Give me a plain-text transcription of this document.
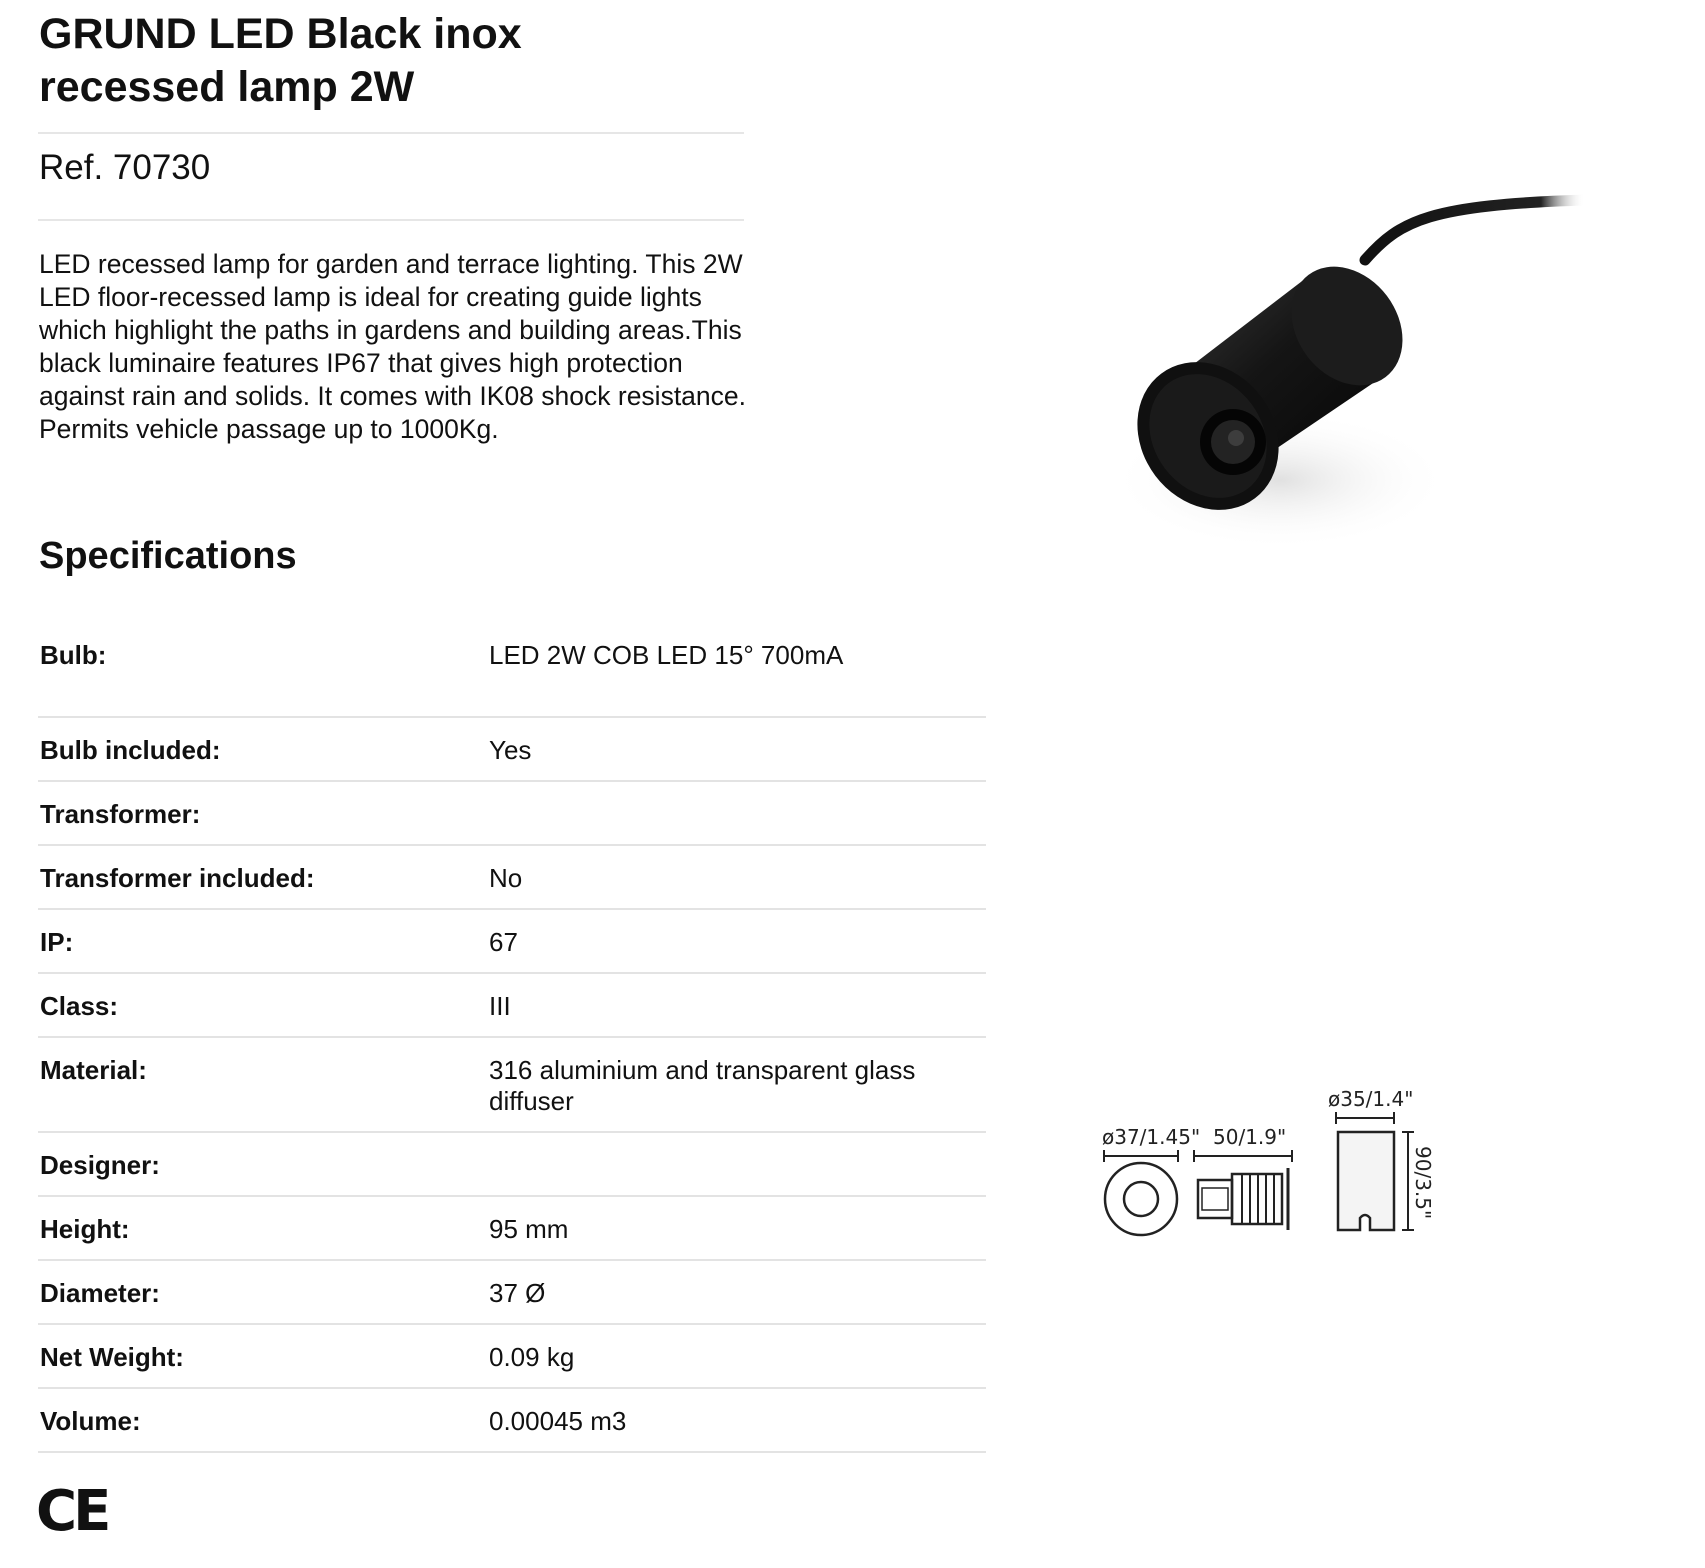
GRUND LED Black inox
recessed lamp 2W
Ref. 70730

LED recessed lamp for garden and terrace lighting. This 2W LED floor-recessed lamp is ideal for creating guide lights which highlight the paths in gardens and building areas.This black luminaire features IP67 that gives high protection against rain and solids. It comes with IK08 shock resistance. Permits vehicle passage up to 1000Kg.

Specifications
Bulb:	LED 2W COB LED 15° 700mA
Bulb included:	Yes
Transformer:
Transformer included:	No
IP:	67
Class:	III
Material:	316 aluminium and transparent glass diffuser
Designer:
Height:	95 mm
Diameter:	37 Ø
Net Weight:	0.09 kg
Volume:	0.00045 m3
CE
ø37/1.45" 50/1.9"
ø35/1.4"
90/3.5"
